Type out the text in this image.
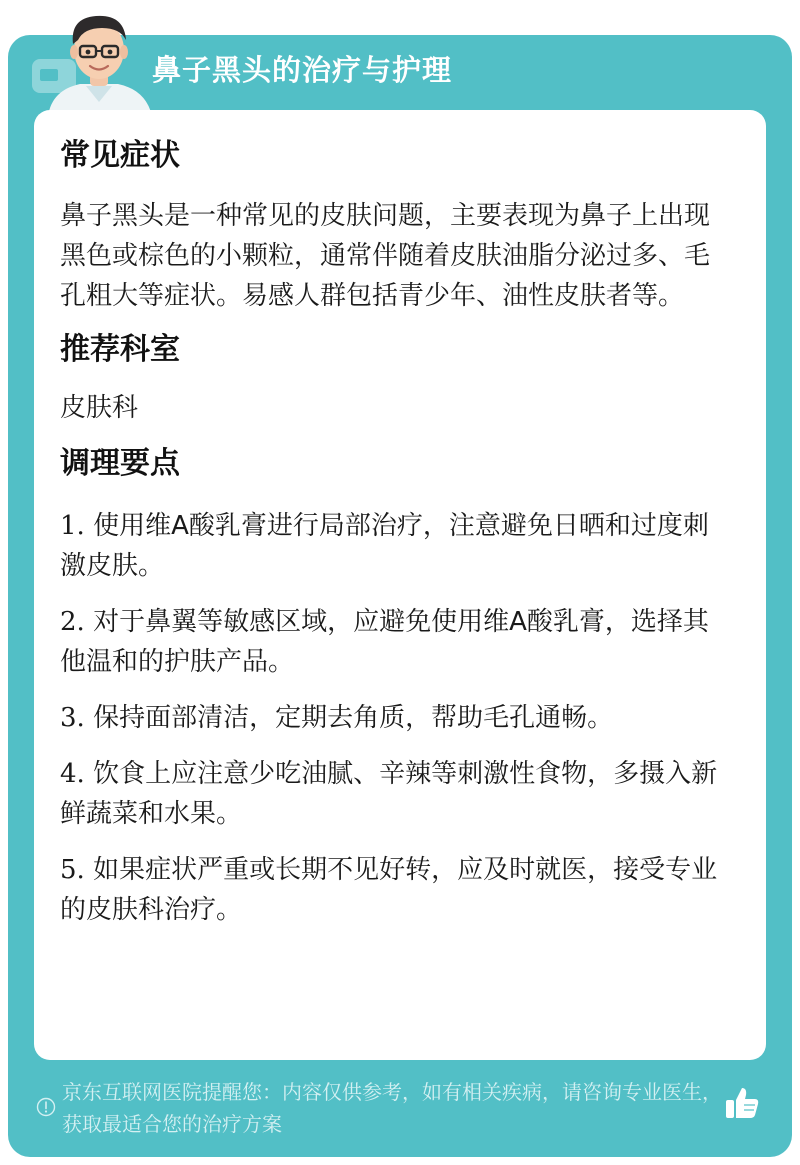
鼻子黑头的治疗与护理
常见症状

鼻子黑头是一种常见的皮肤问题，主要表现为鼻子上出现黑色或棕色的小颗粒，通常伴随着皮肤油脂分泌过多、毛孔粗大等症状。易感人群包括青少年、油性皮肤者等。

推荐科室

皮肤科

调理要点

1. 使用维A酸乳膏进行局部治疗，注意避免日晒和过度刺激皮肤。

2. 对于鼻翼等敏感区域，应避免使用维A酸乳膏，选择其他温和的护肤产品。

3. 保持面部清洁，定期去角质，帮助毛孔通畅。

4. 饮食上应注意少吃油腻、辛辣等刺激性食物，多摄入新鲜蔬菜和水果。

5. 如果症状严重或长期不见好转，应及时就医，接受专业的皮肤科治疗。

京东互联网医院提醒您：内容仅供参考，如有相关疾病，请咨询专业医生，获取最适合您的治疗方案
